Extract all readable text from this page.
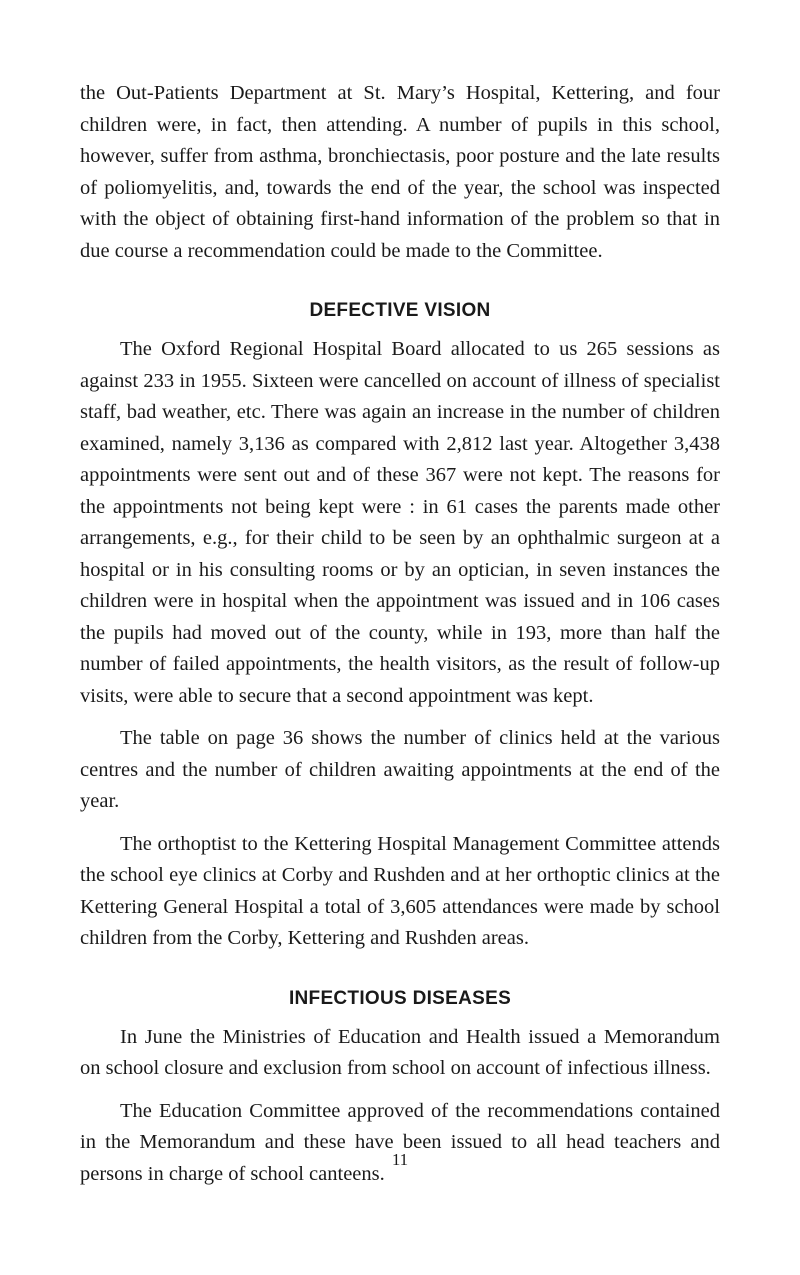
the Out-Patients Department at St. Mary’s Hospital, Kettering, and four children were, in fact, then attending. A number of pupils in this school, however, suffer from asthma, bronchiectasis, poor posture and the late results of poliomyelitis, and, towards the end of the year, the school was inspected with the object of obtaining first-hand information of the problem so that in due course a recommendation could be made to the Committee.

DEFECTIVE VISION

The Oxford Regional Hospital Board allocated to us 265 sessions as against 233 in 1955. Sixteen were cancelled on account of illness of specialist staff, bad weather, etc. There was again an increase in the number of children examined, namely 3,136 as compared with 2,812 last year. Altogether 3,438 appointments were sent out and of these 367 were not kept. The reasons for the appointments not being kept were : in 61 cases the parents made other arrangements, e.g., for their child to be seen by an ophthalmic surgeon at a hospital or in his consulting rooms or by an optician, in seven instances the children were in hospital when the appointment was issued and in 106 cases the pupils had moved out of the county, while in 193, more than half the number of failed appointments, the health visitors, as the result of follow-up visits, were able to secure that a second appointment was kept.

The table on page 36 shows the number of clinics held at the various centres and the number of children awaiting appointments at the end of the year.

The orthoptist to the Kettering Hospital Management Committee attends the school eye clinics at Corby and Rushden and at her orthoptic clinics at the Kettering General Hospital a total of 3,605 attendances were made by school children from the Corby, Kettering and Rushden areas.

INFECTIOUS DISEASES

In June the Ministries of Education and Health issued a Memorandum on school closure and exclusion from school on account of infectious illness.

The Education Committee approved of the recommendations contained in the Memorandum and these have been issued to all head teachers and persons in charge of school canteens.

11
